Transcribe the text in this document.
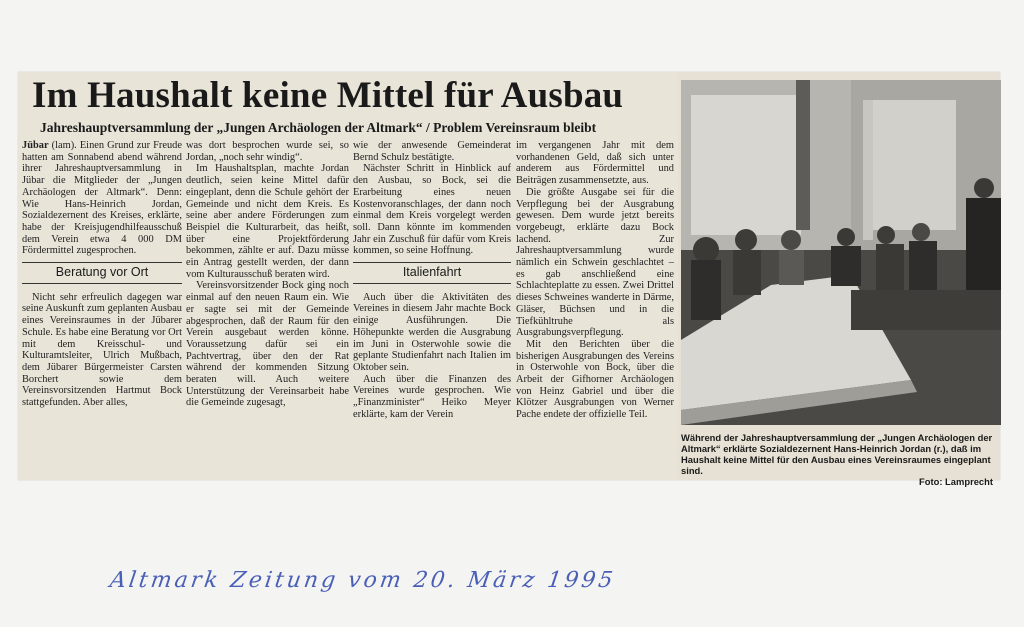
Im Haushalt keine Mittel für Ausbau
Jahreshauptversammlung der „Jungen Archäologen der Altmark“ / Problem Vereinsraum bleibt

Jübar (lam). Einen Grund zur Freude hatten am Sonnabend abend während ihrer Jahreshauptversammlung in Jübar die Mitglieder der „Jungen Archäologen der Altmark“. Denn: Wie Hans-Heinrich Jordan, Sozialdezernent des Kreises, erklärte, habe der Kreisjugendhilfeausschuß dem Verein etwa 4 000 DM Fördermittel zugesprochen.

Beratung vor Ort

Nicht sehr erfreulich dagegen war seine Auskunft zum geplanten Ausbau eines Vereinsraumes in der Jübarer Schule. Es habe eine Beratung vor Ort mit dem Kreisschul- und Kulturamtsleiter, Ulrich Mußbach, dem Jübarer Bürgermeister Carsten Borchert sowie dem Vereinsvorsitzenden Hartmut Bock stattgefunden. Aber alles,

was dort besprochen wurde sei, so Jordan, „noch sehr windig“.

Im Haushaltsplan, machte Jordan deutlich, seien keine Mittel dafür eingeplant, denn die Schule gehört der Gemeinde und nicht dem Kreis. Es seine aber andere Förderungen zum Beispiel die Kulturarbeit, das heißt, über eine Projektförderung bekommen, zählte er auf. Dazu müsse ein Antrag gestellt werden, der dann vom Kulturausschuß beraten wird.

Vereinsvorsitzender Bock ging noch einmal auf den neuen Raum ein. Wie er sagte sei mit der Gemeinde abgesprochen, daß der Raum für den Verein ausgebaut werden könne. Voraussetzung dafür sei ein Pachtvertrag, über den der Rat während der kommenden Sitzung beraten will. Auch weitere Unterstützung der Vereinsarbeit habe die Gemeinde zugesagt,

wie der anwesende Gemeinderat Bernd Schulz bestätigte.

Nächster Schritt in Hinblick auf den Ausbau, so Bock, sei die Erarbeitung eines neuen Kostenvoranschlages, der dann noch einmal dem Kreis vorgelegt werden soll. Dann könnte im kommenden Jahr ein Zuschuß für dafür vom Kreis kommen, so seine Hoffnung.

Italienfahrt

Auch über die Aktivitäten des Vereines in diesem Jahr machte Bock einige Ausführungen. Die Höhepunkte werden die Ausgrabung im Juni in Osterwohle sowie die geplante Studienfahrt nach Italien im Oktober sein.

Auch über die Finanzen des Vereines wurde gesprochen. Wie „Finanzminister“ Heiko Meyer erklärte, kam der Verein

im vergangenen Jahr mit dem vorhandenen Geld, daß sich unter anderem aus Fördermittel und Beiträgen zusammensetzte, aus.

Die größte Ausgabe sei für die Verpflegung bei der Ausgrabung gewesen. Dem wurde jetzt bereits vorgebeugt, erklärte dazu Bock lachend. Zur Jahreshauptversammlung wurde nämlich ein Schwein geschlachtet – es gab anschließend eine Schlachteplatte zu essen. Zwei Drittel dieses Schweines wanderte in Därme, Gläser, Büchsen und in die Tiefkühltruhe als Ausgrabungsverpflegung.

Mit den Berichten über die bisherigen Ausgrabungen des Vereins in Osterwohle von Bock, über die Arbeit der Gifhorner Archäologen von Heinz Gabriel und über die Klötzer Ausgrabungen von Werner Pache endete der offizielle Teil.

Während der Jahreshauptversammlung der „Jungen Archäologen der Altmark“ erklärte Sozialdezernent Hans-Heinrich Jordan (r.), daß im Haushalt keine Mittel für den Ausbau eines Vereinsraumes eingeplant sind.
Foto: Lamprecht
Altmark Zeitung vom 20. März 1995
